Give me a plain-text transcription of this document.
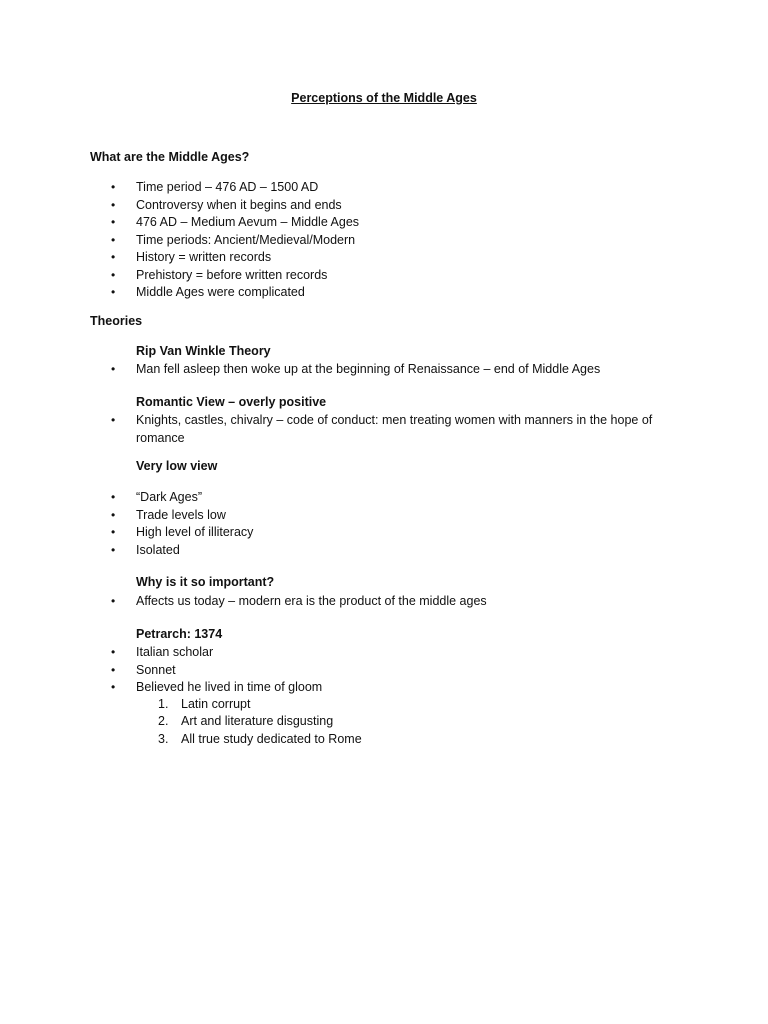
Perceptions of the Middle Ages
What are the Middle Ages?
• Time period – 476 AD – 1500 AD
• Controversy when it begins and ends
• 476 AD – Medium Aevum – Middle Ages
• Time periods: Ancient/Medieval/Modern
• History = written records
• Prehistory = before written records
• Middle Ages were complicated
Theories
Rip Van Winkle Theory
• Man fell asleep then woke up at the beginning of Renaissance – end of Middle Ages
Romantic View – overly positive
• Knights, castles, chivalry – code of conduct: men treating women with manners in the hope of romance
Very low view
• “Dark Ages”
• Trade levels low
• High level of illiteracy
• Isolated
Why is it so important?
• Affects us today – modern era is the product of the middle ages
Petrarch: 1374
• Italian scholar
• Sonnet
• Believed he lived in time of gloom
1. Latin corrupt
2. Art and literature disgusting
3. All true study dedicated to Rome
